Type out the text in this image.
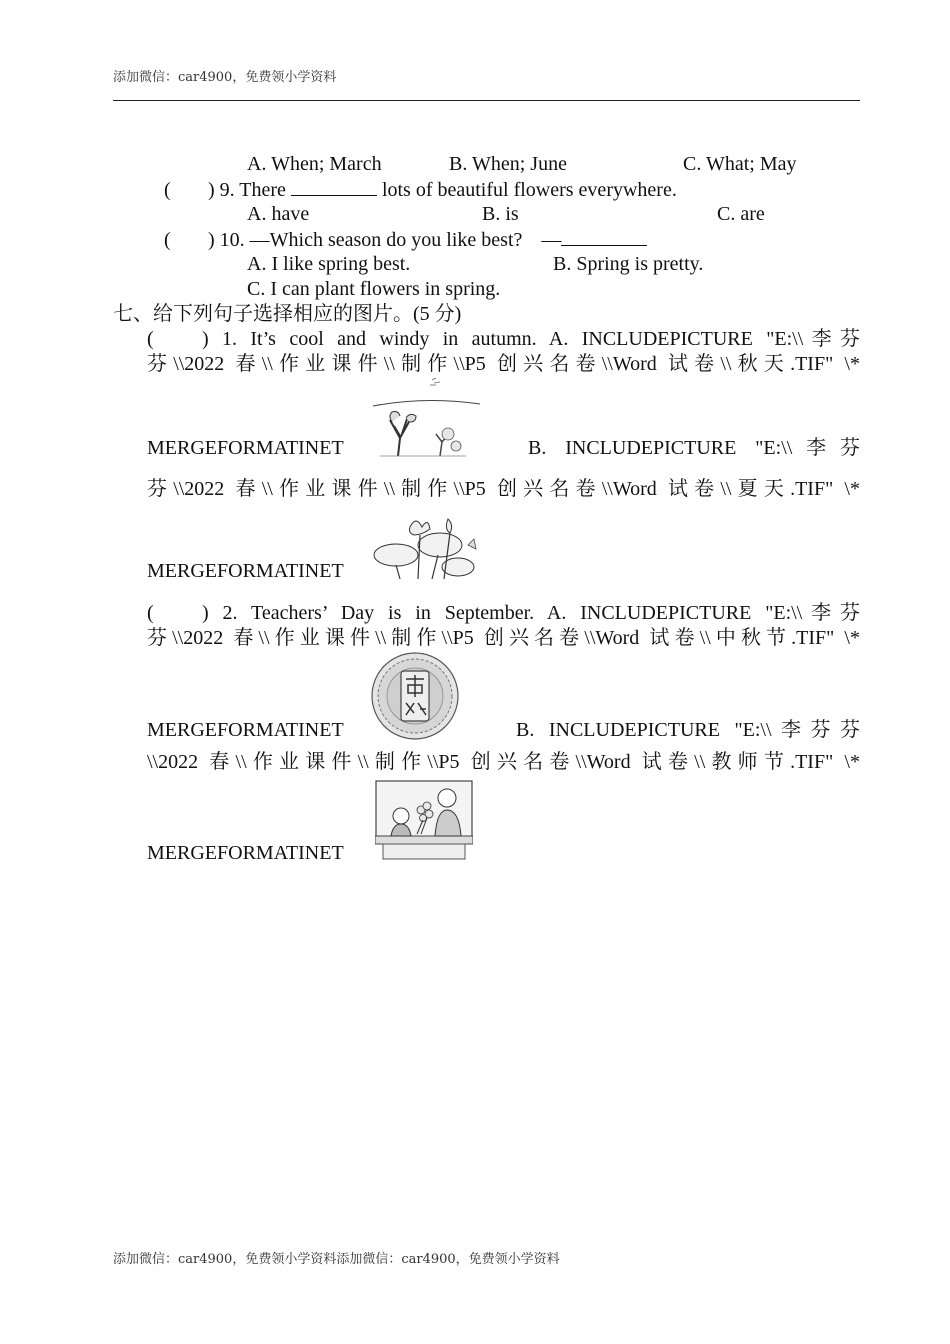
添加微信：car4900，免费领小学资料
A. When; March	B. When; June	C. What; May
( ) 9. There	lots of beautiful flowers everywhere.
A. have	B. is	C. are
( ) 10. —Which season do you like best? —
A. I like spring best.	B. Spring is pretty.
C. I can plant flowers in spring.
七、给下列句子选择相应的图片。(5 分)
( ) 1. It’s cool and windy in autumn. A. INCLUDEPICTURE "E:\\李芬
芬\\2022 春\\作业课件\\制作\\P5 创兴名卷\\Word 试卷\\秋天.TIF" \*
MERGEFORMATINET	B. INCLUDEPICTURE "E:\\李芬
芬\\2022 春\\作业课件\\制作\\P5 创兴名卷\\Word 试卷\\夏天.TIF" \*
MERGEFORMATINET
( ) 2. Teachers’ Day is in September. A. INCLUDEPICTURE "E:\\李芬
芬\\2022 春\\作业课件\\制作\\P5 创兴名卷\\Word 试卷\\中秋节.TIF" \*
MERGEFORMATINET	B. INCLUDEPICTURE "E:\\李芬芬
\\2022 春\\作业课件\\制作\\P5 创兴名卷\\Word 试卷\\教师节.TIF" \*
MERGEFORMATINET
添加微信：car4900，免费领小学资料添加微信：car4900，免费领小学资料
